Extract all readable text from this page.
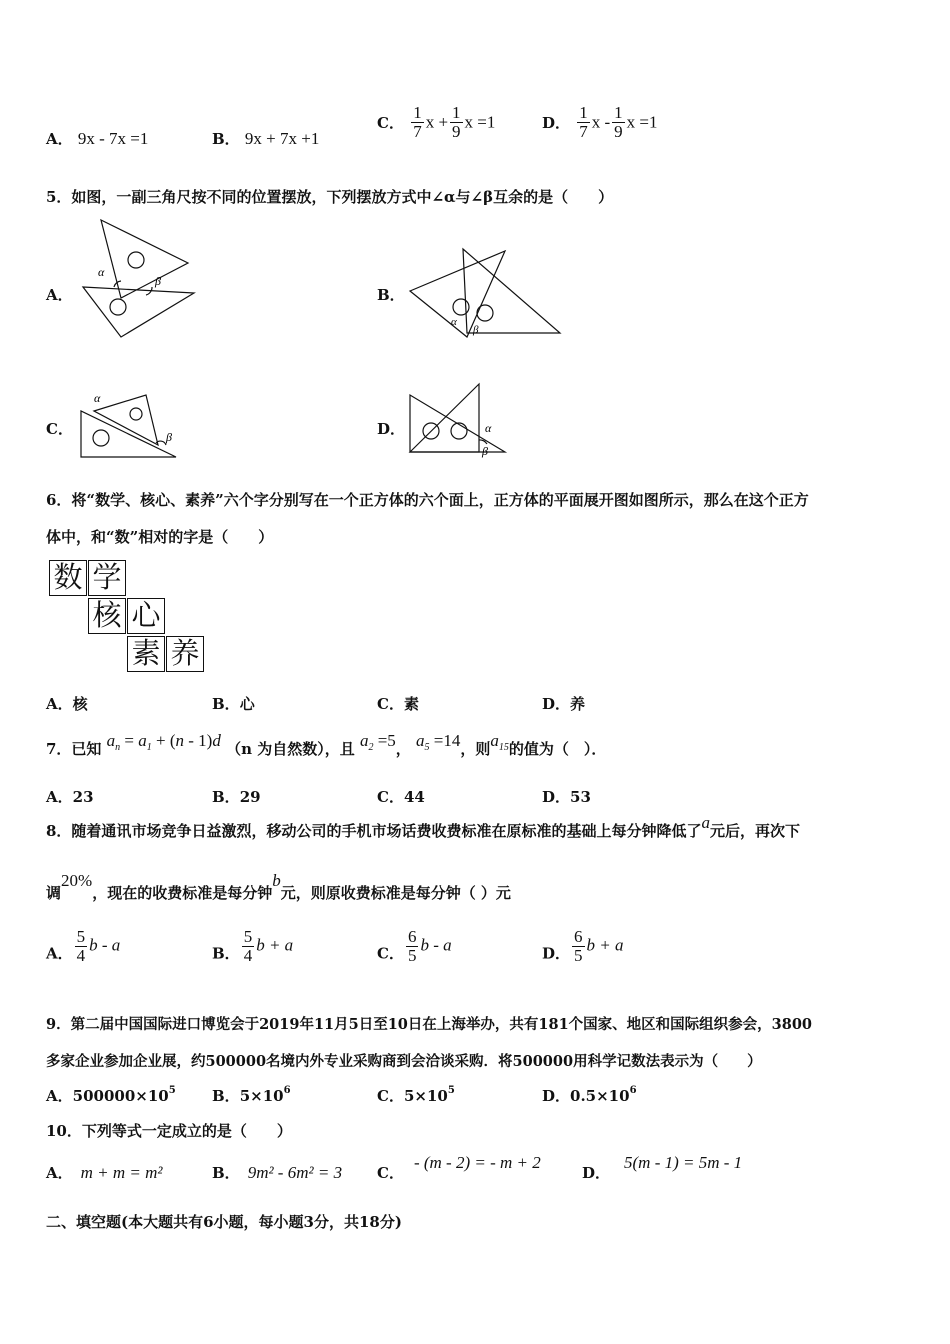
A． 9x - 7x =1	B． 9x + 7x +1
C． $\frac{1}{7}$ $x + \frac{1}{9}$ x =1	D． $\frac{1}{7}$ x - $\frac{1}{9}$ x =1
5．如图，一副三角尺按不同的位置摆放，下列摆放方式中∠α与∠β互余的是（　　）
A．	B．
C．	D．
α
β
α
β
α
β
α
β
6．将“数学、核心、素养”六个字分别写在一个正方体的六个面上，正方体的平面展开图如图所示，那么在这个正方
体中，和“数”相对的字是（　　）
数 学
核 心
素 养
A．核	B．心	C．素	D．养
7．已知 $a_n = a_1 + (n - 1)d$ （n 为自然数），且 $a_2 =5$， $a_5 =14$，则$a_{15}$的值为（　）．
A．23	B．29	C．44	D．53
8．随着通讯市场竞争日益激烈，移动公司的手机市场话费收费标准在原标准的基础上每分钟降低了a元后，再次下
调20%，现在的收费标准是每分钟b元，则原收费标准是每分钟（ ）元
A． $\frac{5}{4}$ b - a	B． $\frac{5}{4}$ b + a	C． $\frac{6}{5}$ b - a	D． $\frac{6}{5}$ b + a
9．第二届中国国际进口博览会于2019年11月5日至10日在上海举办，共有181个国家、地区和国际组织参会，3800
多家企业参加企业展，约500000名境内外专业采购商到会洽谈采购．将500000用科学记数法表示为（　　）
A．$500000\times 10^5$ B．$5\times 10^6$	C．$5\times 10^5$	D．$0.5\times 10^6$
10．下列等式一定成立的是（　　）
A． m + m = m²	B． 9m² - 6m² = 3 C．- (m - 2) = - m + 2
D．5(m - 1) = 5m - 1
二、填空题(本大题共有6小题，每小题3分，共18分)
